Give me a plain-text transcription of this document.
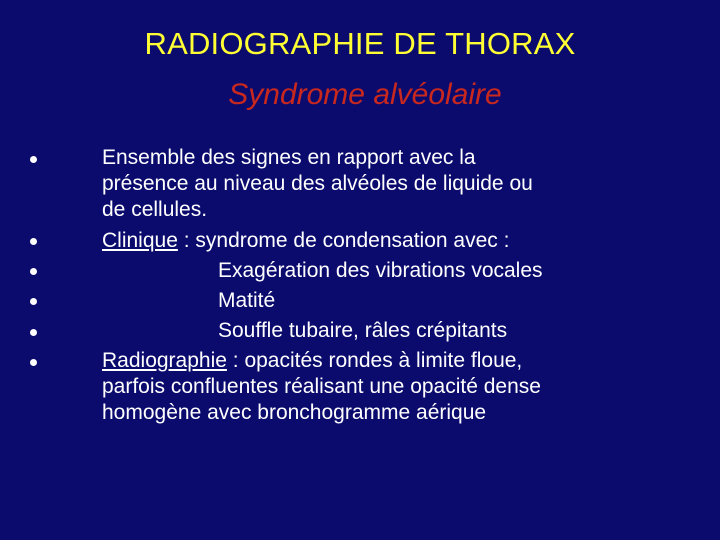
RADIOGRAPHIE DE THORAX
Syndrome alvéolaire
Ensemble des signes en rapport avec la
présence au niveau des alvéoles de liquide ou
de cellules.
Clinique : syndrome de condensation avec :
Exagération des vibrations vocales
Matité
Souffle tubaire, râles crépitants
Radiographie : opacités rondes à limite floue,
parfois confluentes réalisant une opacité dense
homogène avec bronchogramme aérique
